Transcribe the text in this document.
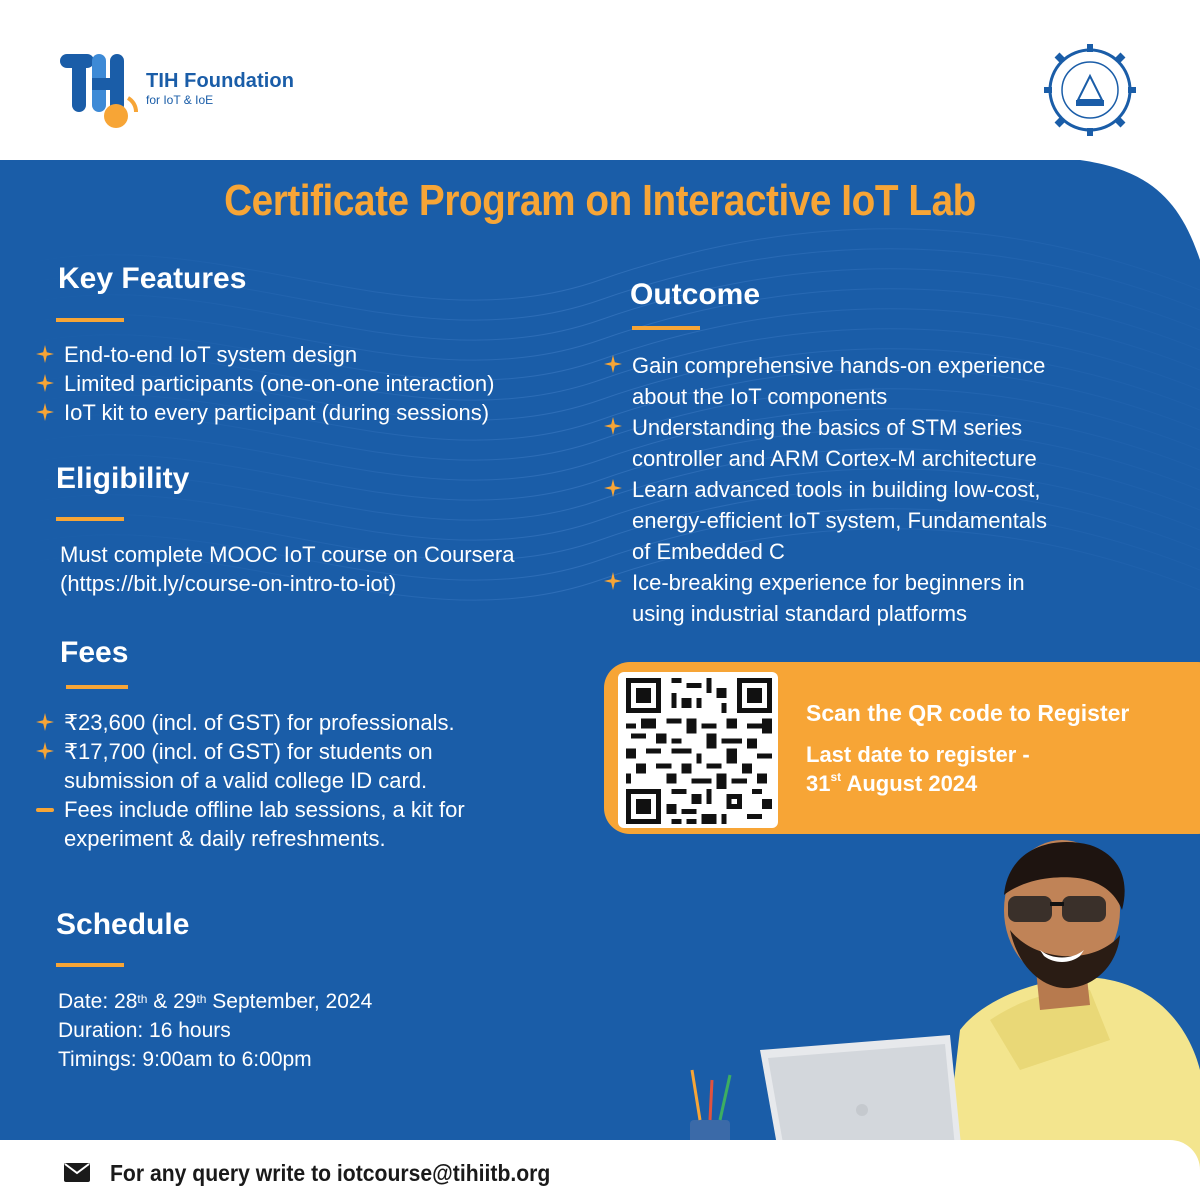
TIH Foundation
for IoT & IoE
Certificate Program on Interactive IoT Lab
Key Features
End-to-end IoT system design
Limited participants (one-on-one interaction)
IoT kit to every participant (during sessions)
Eligibility
Must complete MOOC IoT course on Coursera
(https://bit.ly/course-on-intro-to-iot)
Fees
₹23,600 (incl. of GST) for professionals.
₹17,700 (incl. of GST) for students on
submission of a valid college ID card.
Fees include offline lab sessions, a kit for
experiment & daily refreshments.
Schedule
Date: 28th & 29th September, 2024
Duration: 16 hours
Timings: 9:00am to 6:00pm
Outcome
Gain comprehensive hands-on experience
about the IoT components
Understanding the basics of STM series
controller and ARM Cortex-M architecture
Learn advanced tools in building low-cost,
energy-efficient IoT system, Fundamentals
of Embedded C
Ice-breaking experience for beginners in
using industrial standard platforms
Scan the QR code to Register
Last date to register -
31st August 2024
For any query write to iotcourse@tihiitb.org
